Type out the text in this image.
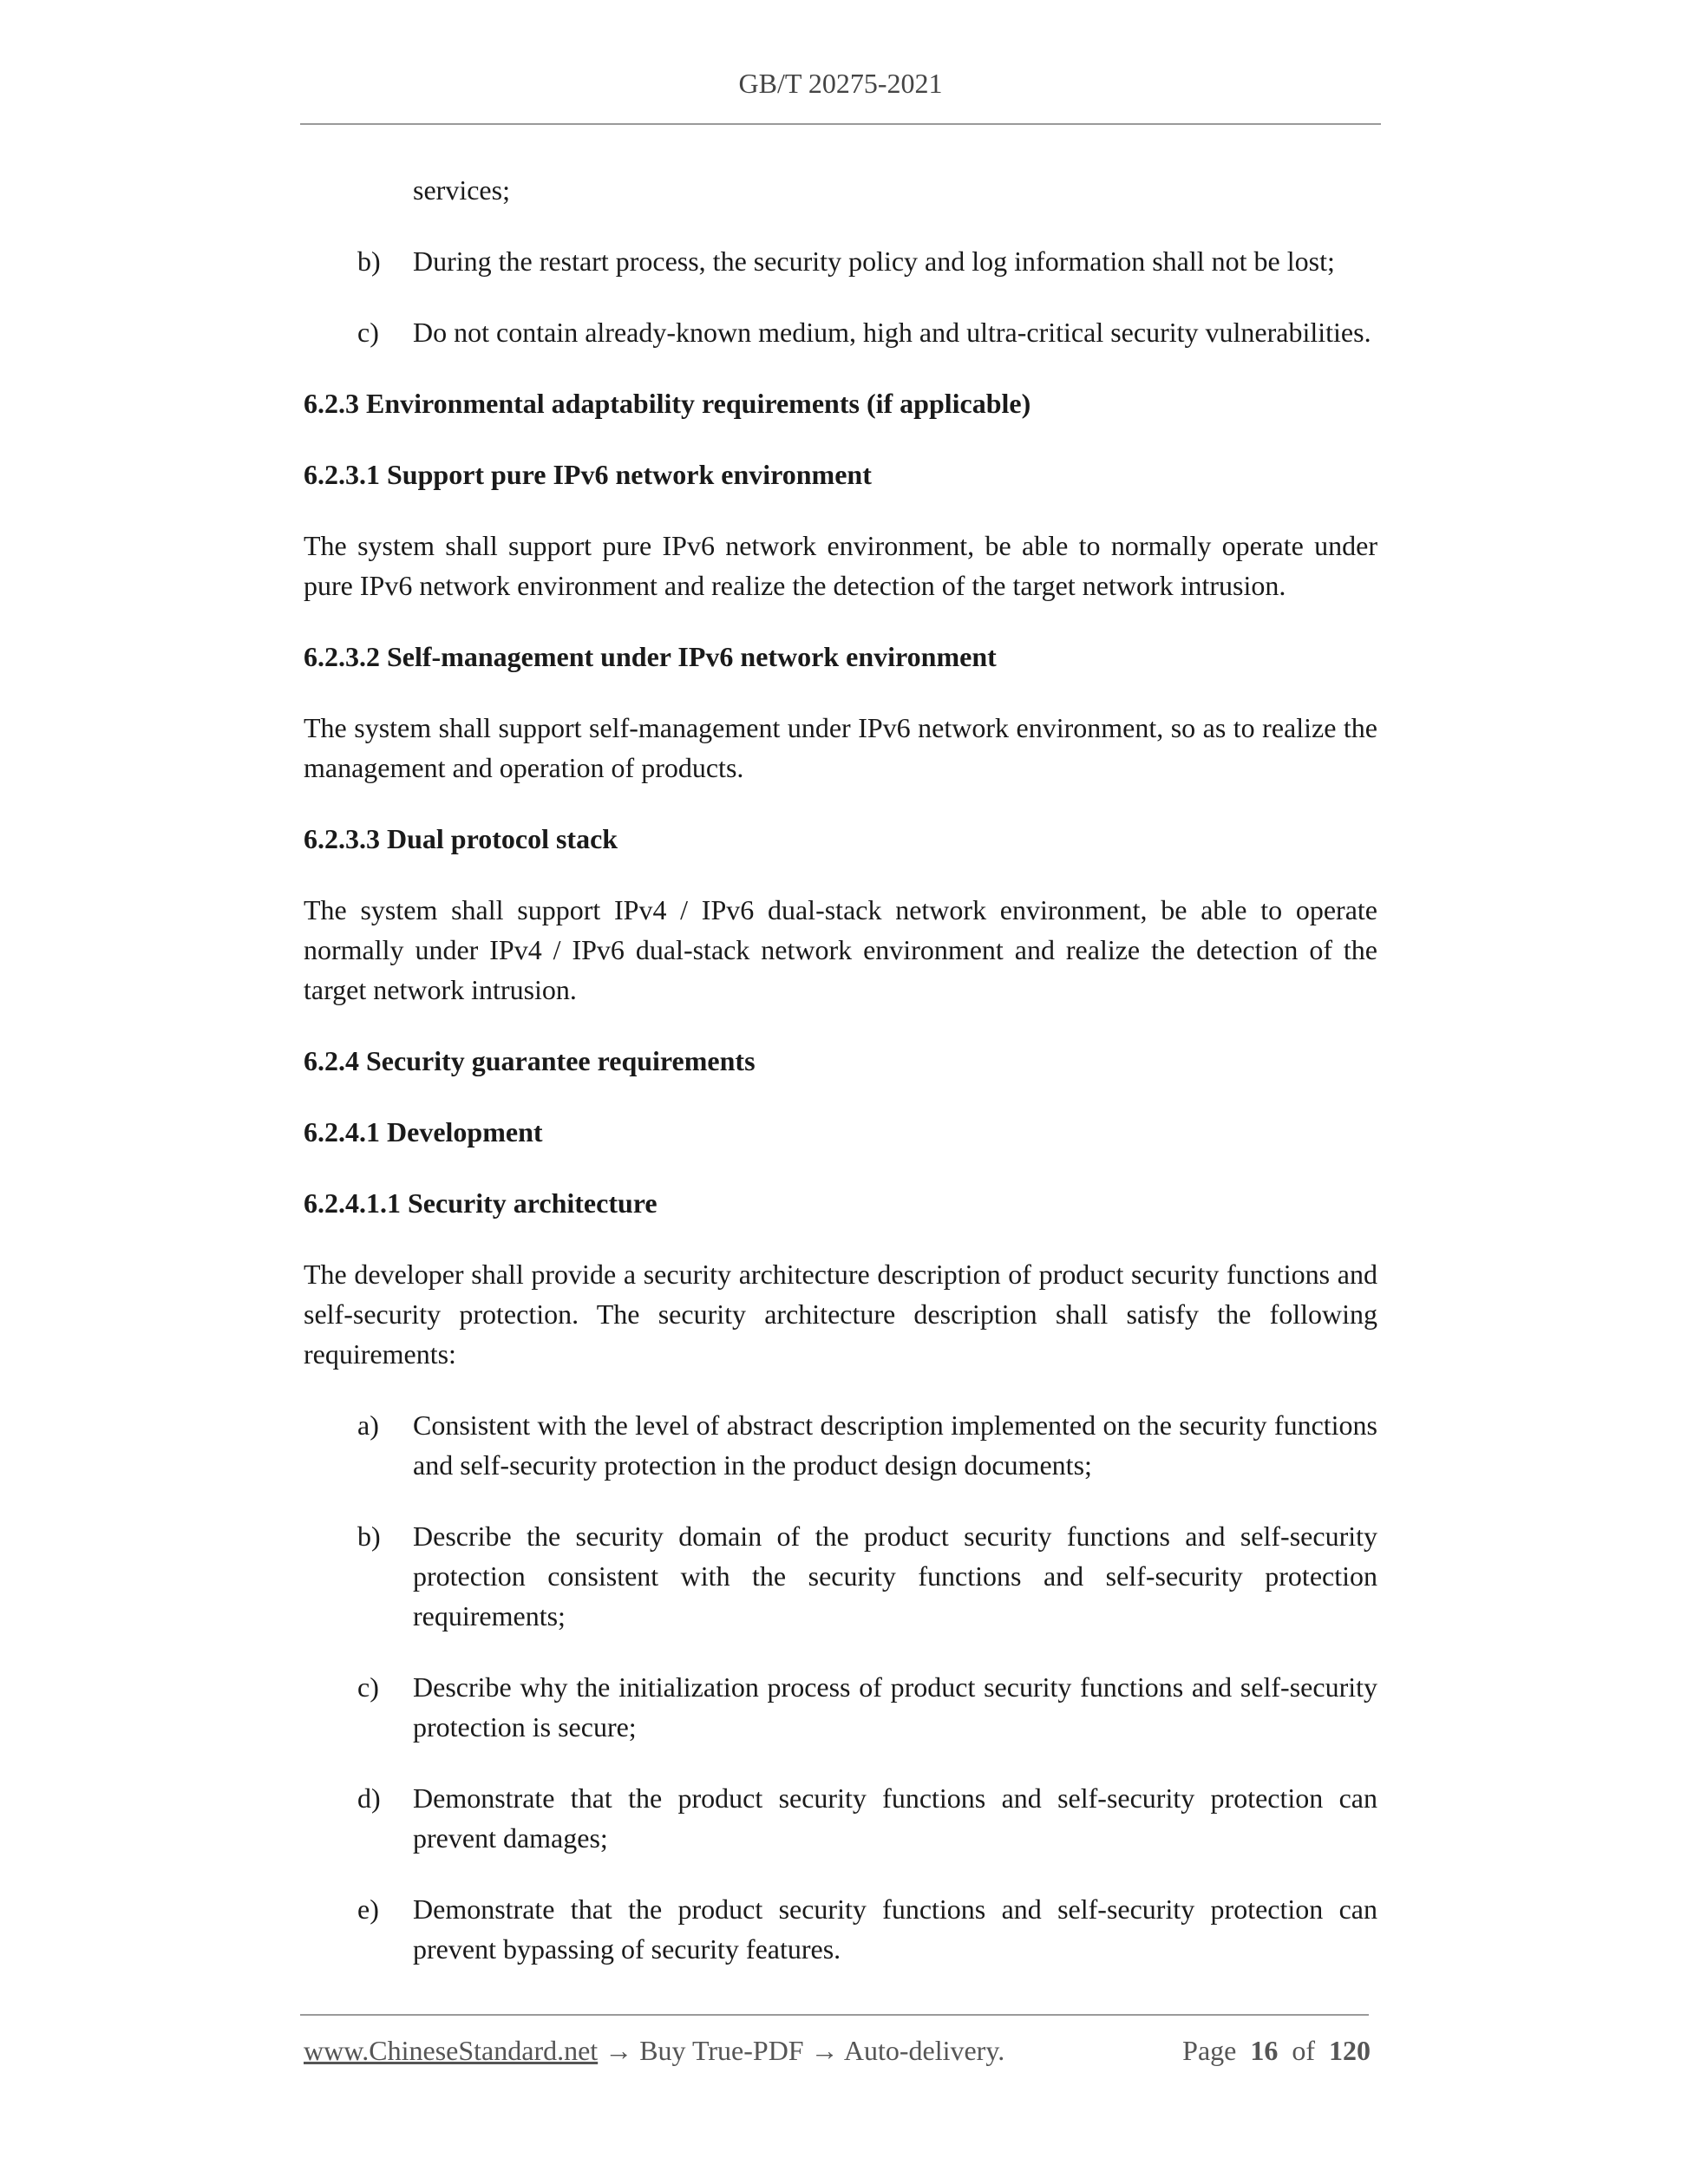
GB/T 20275-2021
services;
b)	During the restart process, the security policy and log information shall not be lost;
c)	Do not contain already-known medium, high and ultra-critical security vulnerabilities.
6.2.3 Environmental adaptability requirements (if applicable)
6.2.3.1 Support pure IPv6 network environment
The system shall support pure IPv6 network environment, be able to normally operate under pure IPv6 network environment and realize the detection of the target network intrusion.
6.2.3.2 Self-management under IPv6 network environment
The system shall support self-management under IPv6 network environment, so as to realize the management and operation of products.
6.2.3.3 Dual protocol stack
The system shall support IPv4 / IPv6 dual-stack network environment, be able to operate normally under IPv4 / IPv6 dual-stack network environment and realize the detection of the target network intrusion.
6.2.4 Security guarantee requirements
6.2.4.1 Development
6.2.4.1.1 Security architecture
The developer shall provide a security architecture description of product security functions and self-security protection. The security architecture description shall satisfy the following requirements:
a)	Consistent with the level of abstract description implemented on the security functions and self-security protection in the product design documents;
b)	Describe the security domain of the product security functions and self-security protection consistent with the security functions and self-security protection requirements;
c)	Describe why the initialization process of product security functions and self-security protection is secure;
d)	Demonstrate that the product security functions and self-security protection can prevent damages;
e)	Demonstrate that the product security functions and self-security protection can prevent bypassing of security features.
www.ChineseStandard.net → Buy True-PDF → Auto-delivery.	Page 16 of 120
